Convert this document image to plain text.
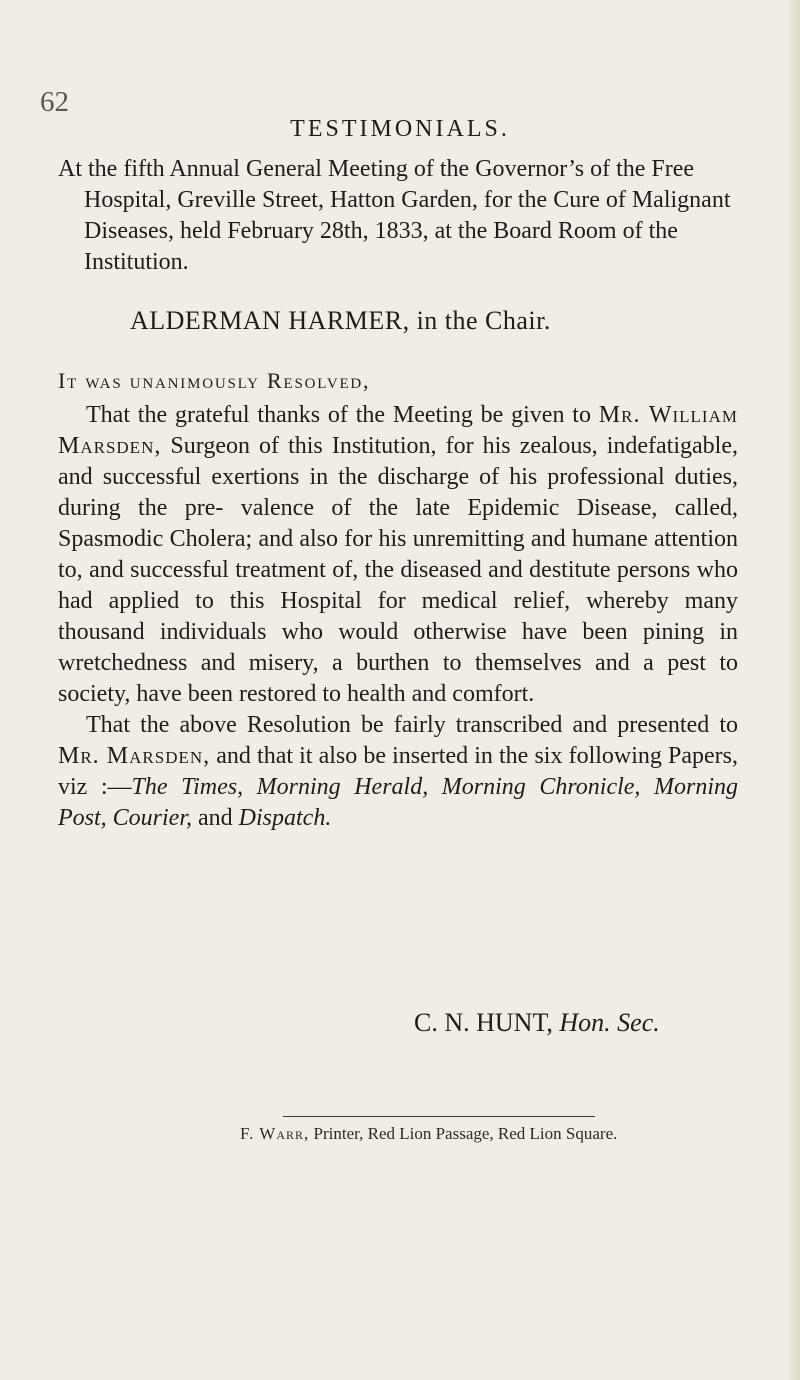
62
TESTIMONIALS.

At the fifth Annual General Meeting of the Governor’s of the Free Hospital, Greville Street, Hatton Garden, for the Cure of Malignant Diseases, held February 28th, 1833, at the Board Room of the Institution.

ALDERMAN HARMER, in the Chair.
It was unanimously Resolved,

That the grateful thanks of the Meeting be given to Mr. William Marsden, Surgeon of this Institution, for his zealous, indefatigable, and successful exertions in the discharge of his professional duties, during the pre- valence of the late Epidemic Disease, called, Spasmodic Cholera; and also for his unremitting and humane attention to, and successful treatment of, the diseased and destitute persons who had applied to this Hospital for medical relief, whereby many thousand individuals who would otherwise have been pining in wretchedness and misery, a burthen to themselves and a pest to society, have been restored to health and comfort.

That the above Resolution be fairly transcribed and presented to Mr. Marsden, and that it also be inserted in the six following Papers, viz :—The Times, Morning Herald, Morning Chronicle, Morning Post, Courier, and Dispatch.

C. N. HUNT, Hon. Sec.
F. Warr, Printer, Red Lion Passage, Red Lion Square.
